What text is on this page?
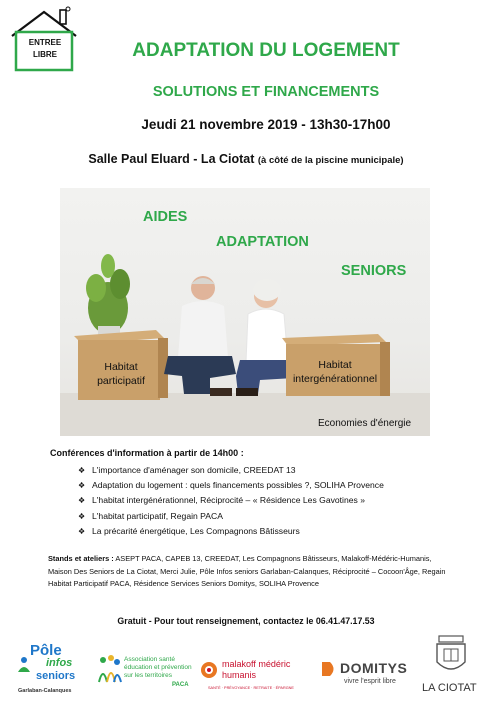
ENTREE
LIBRE	ADAPTATION DU LOGEMENT
SOLUTIONS ET FINANCEMENTS
Jeudi 21 novembre 2019 - 13h30-17h00
Salle Paul Eluard - La Ciotat (à côté de la piscine municipale)
AIDES
ADAPTATION
SENIORS
Habitat
participatif
Habitat
intergénérationnel
Economies d'énergie
Conférences d'information à partir de 14h00 :
❖ L'importance d'aménager son domicile, CREEDAT 13
❖ Adaptation du logement : quels financements possibles ?, SOLIHA Provence
❖ L'habitat intergénérationnel, Réciprocité – « Résidence Les Gavotines »
❖ L'habitat participatif, Regain PACA
❖ La précarité énergétique, Les Compagnons Bâtisseurs
Stands et ateliers : ASEPT PACA, CAPEB 13, CREEDAT, Les Compagnons Bâtisseurs, Malakoff-Médéric-Humanis, Maison Des Seniors de La Ciotat, Merci Julie, Pôle Infos seniors Garlaban-Calanques, Réciprocité – Cocoon'Âge, Regain Habitat Participatif PACA, Résidence Services Seniors Domitys, SOLIHA Provence
Gratuit - Pour tout renseignement, contactez le 06.41.47.17.53
Pôle
infos
seniors
Garlaban-Calanques
Association santé
éducation et prévention
sur les territoires
PACA
malakoff médéric
humanis
SANTÉ · PRÉVOYANCE · RETRAITE · ÉPARGNE
DOMITYS
vivre l'esprit libre
LA CIOTAT
